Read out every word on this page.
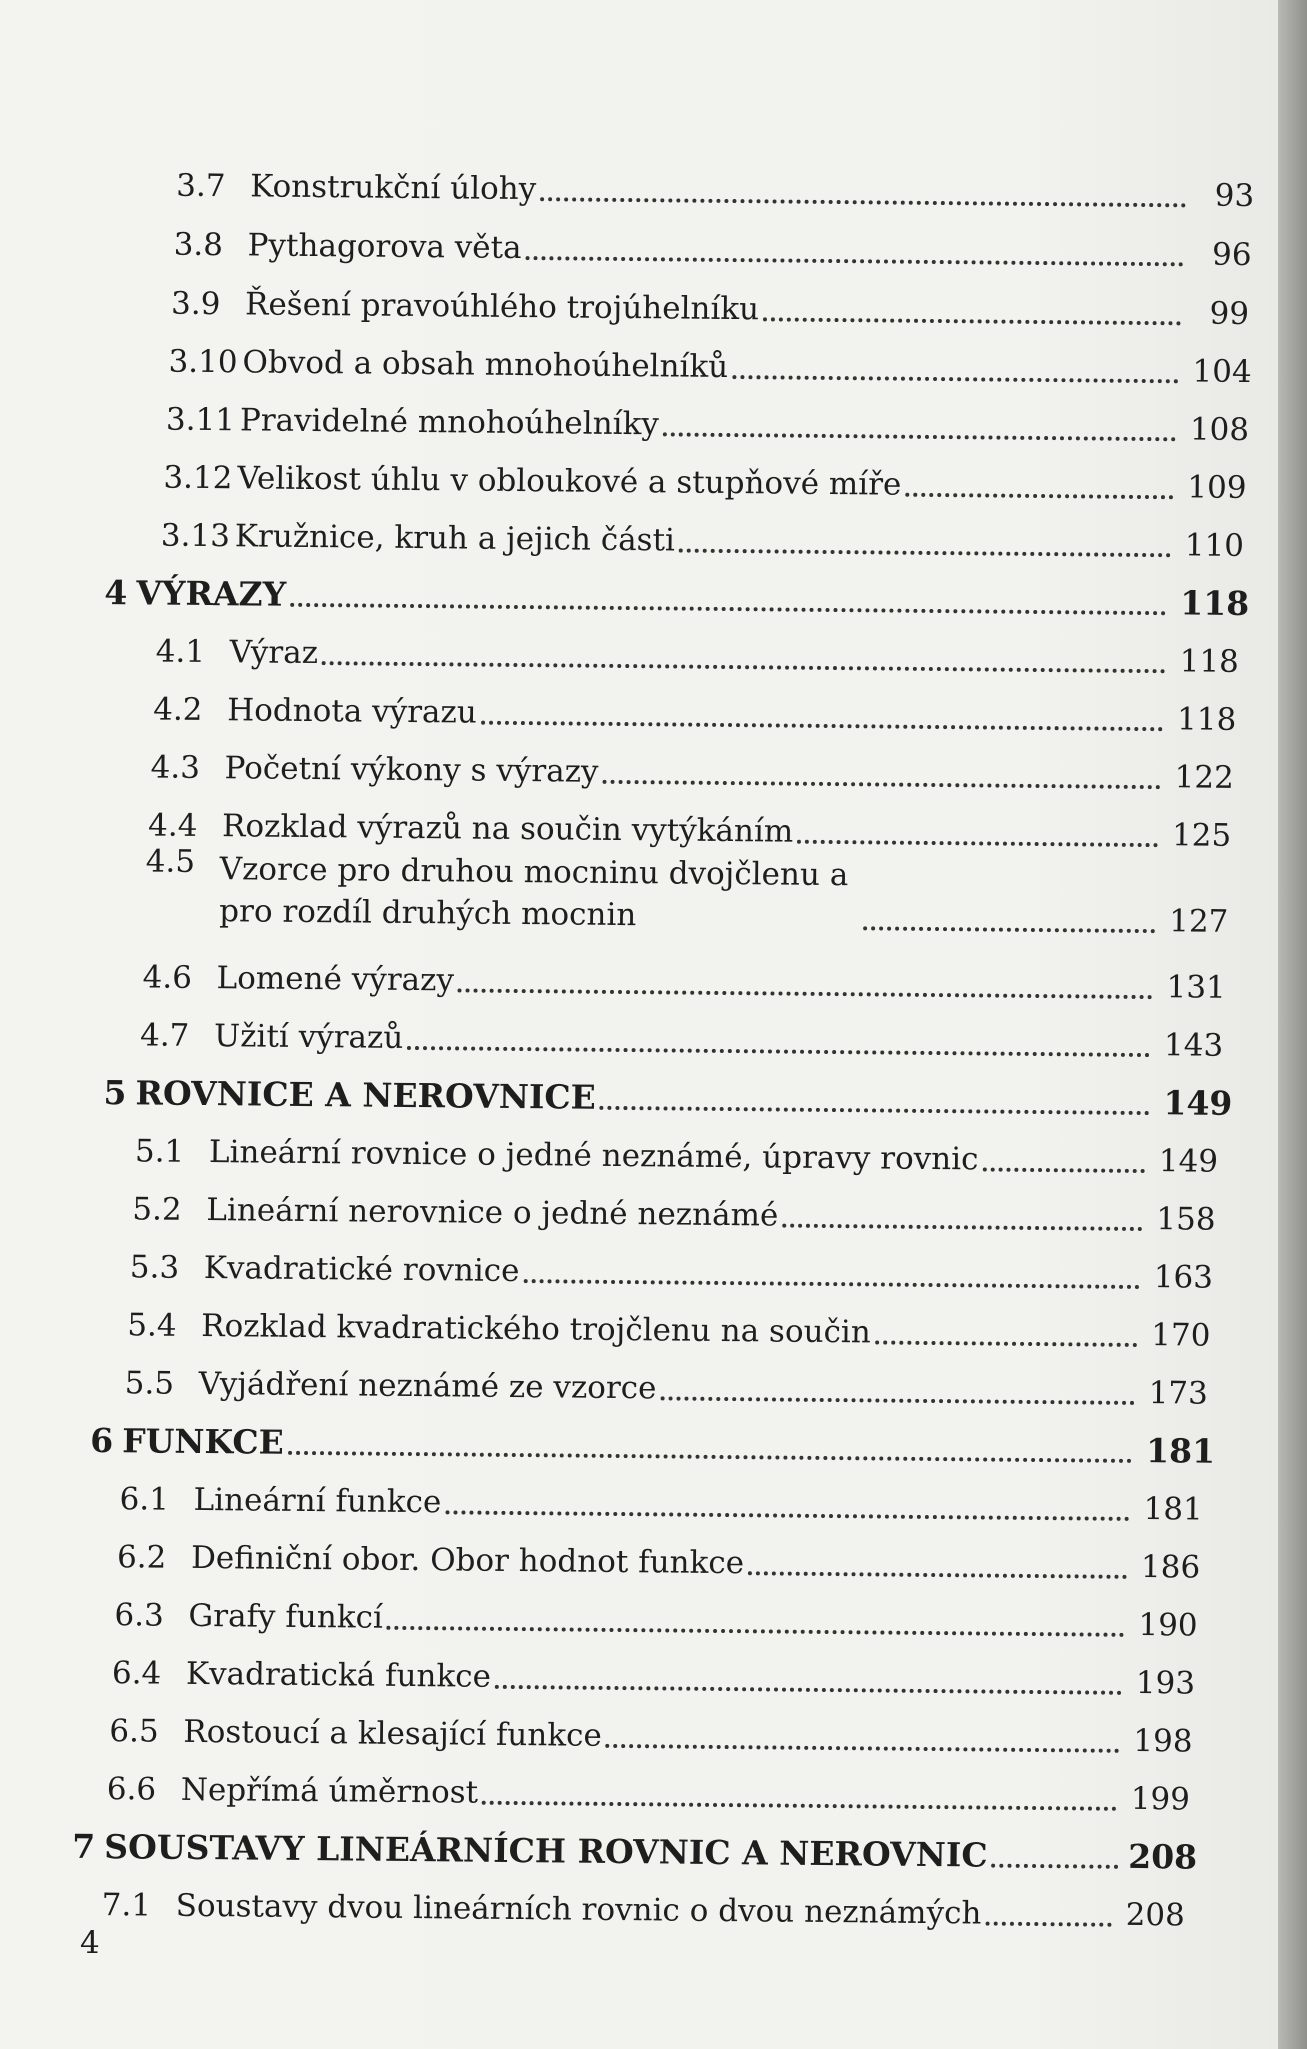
3.7 Konstrukční úlohy	93
3.8 Pythagorova věta	96
3.9 Řešení pravoúhlého trojúhelníku	99
3.10 Obvod a obsah mnohoúhelníků	104
3.11 Pravidelné mnohoúhelníky	108
3.12 Velikost úhlu v obloukové a stupňové míře	109
3.13 Kružnice, kruh a jejich části	110
4 VÝRAZY	118
4.1 Výraz	118
4.2 Hodnota výrazu	118
4.3 Početní výkony s výrazy	122
4.4 Rozklad výrazů na součin vytýkáním	125
4.5 Vzorce pro druhou mocninu dvojčlenu a pro rozdíl druhých mocnin	127
4.6 Lomené výrazy	131
4.7 Užití výrazů	143
5 ROVNICE A NEROVNICE	149
5.1 Lineární rovnice o jedné neznámé, úpravy rovnic	149
5.2 Lineární nerovnice o jedné neznámé	158
5.3 Kvadratické rovnice	163
5.4 Rozklad kvadratického trojčlenu na součin	170
5.5 Vyjádření neznámé ze vzorce	173
6 FUNKCE	181
6.1 Lineární funkce	181
6.2 Definiční obor. Obor hodnot funkce	186
6.3 Grafy funkcí	190
6.4 Kvadratická funkce	193
6.5 Rostoucí a klesající funkce	198
6.6 Nepřímá úměrnost	199
7 SOUSTAVY LINEÁRNÍCH ROVNIC A NEROVNIC	208
7.1 Soustavy dvou lineárních rovnic o dvou neznámých	208
4
